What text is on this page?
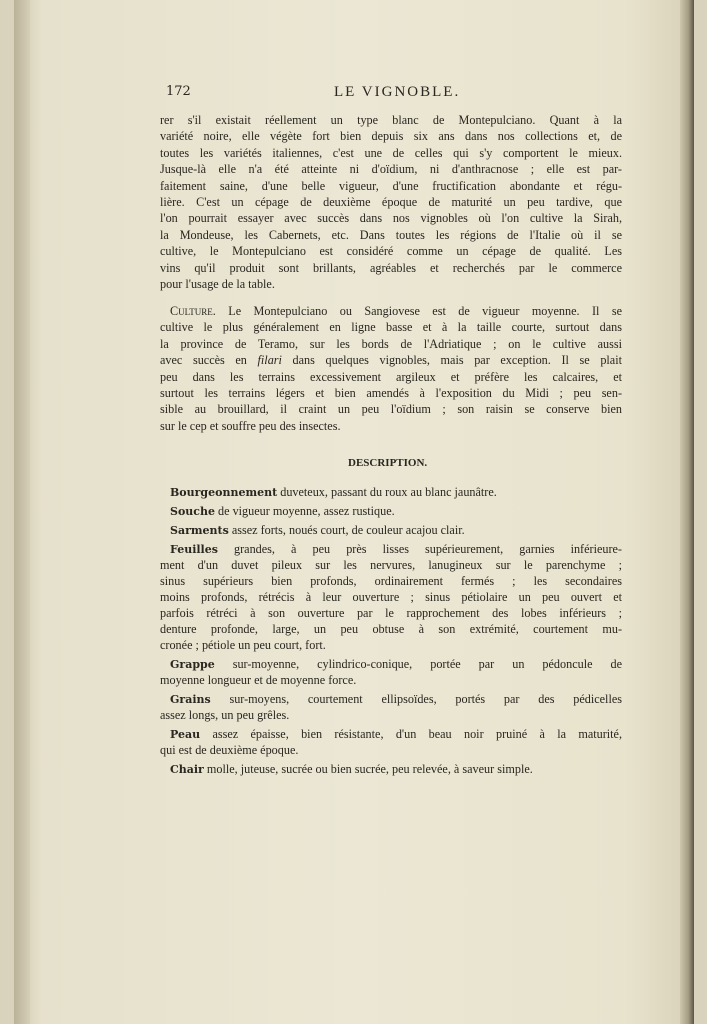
172	LE VIGNOBLE.
rer s'il existait réellement un type blanc de Montepulciano. Quant à la
variété noire, elle végète fort bien depuis six ans dans nos collections et, de
toutes les variétés italiennes, c'est une de celles qui s'y comportent le mieux.
Jusque-là elle n'a été atteinte ni d'oïdium, ni d'anthracnose ; elle est par-
faitement saine, d'une belle vigueur, d'une fructification abondante et régu-
lière. C'est un cépage de deuxième époque de maturité un peu tardive, que
l'on pourrait essayer avec succès dans nos vignobles où l'on cultive la Sirah,
la Mondeuse, les Cabernets, etc. Dans toutes les régions de l'Italie où il se
cultive, le Montepulciano est considéré comme un cépage de qualité. Les
vins qu'il produit sont brillants, agréables et recherchés par le commerce
pour l'usage de la table.
Culture. Le Montepulciano ou Sangiovese est de vigueur moyenne. Il se
cultive le plus généralement en ligne basse et à la taille courte, surtout dans
la province de Teramo, sur les bords de l'Adriatique ; on le cultive aussi
avec succès en filari dans quelques vignobles, mais par exception. Il se plait
peu dans les terrains excessivement argileux et préfère les calcaires, et
surtout les terrains légers et bien amendés à l'exposition du Midi ; peu sen-
sible au brouillard, il craint un peu l'oïdium ; son raisin se conserve bien
sur le cep et souffre peu des insectes.
DESCRIPTION.
Bourgeonnement duveteux, passant du roux au blanc jaunâtre.
Souche de vigueur moyenne, assez rustique.
Sarments assez forts, noués court, de couleur acajou clair.
Feuilles grandes, à peu près lisses supérieurement, garnies inférieure-
ment d'un duvet pileux sur les nervures, lanugineux sur le parenchyme ;
sinus supérieurs bien profonds, ordinairement fermés ; les secondaires
moins profonds, rétrécis à leur ouverture ; sinus pétiolaire un peu ouvert et
parfois rétréci à son ouverture par le rapprochement des lobes inférieurs ;
denture profonde, large, un peu obtuse à son extrémité, courtement mu-
cronée ; pétiole un peu court, fort.
Grappe sur-moyenne, cylindrico-conique, portée par un pédoncule de
moyenne longueur et de moyenne force.
Grains sur-moyens, courtement ellipsoïdes, portés par des pédicelles
assez longs, un peu grêles.
Peau assez épaisse, bien résistante, d'un beau noir pruiné à la maturité,
qui est de deuxième époque.
Chair molle, juteuse, sucrée ou bien sucrée, peu relevée, à saveur simple.
